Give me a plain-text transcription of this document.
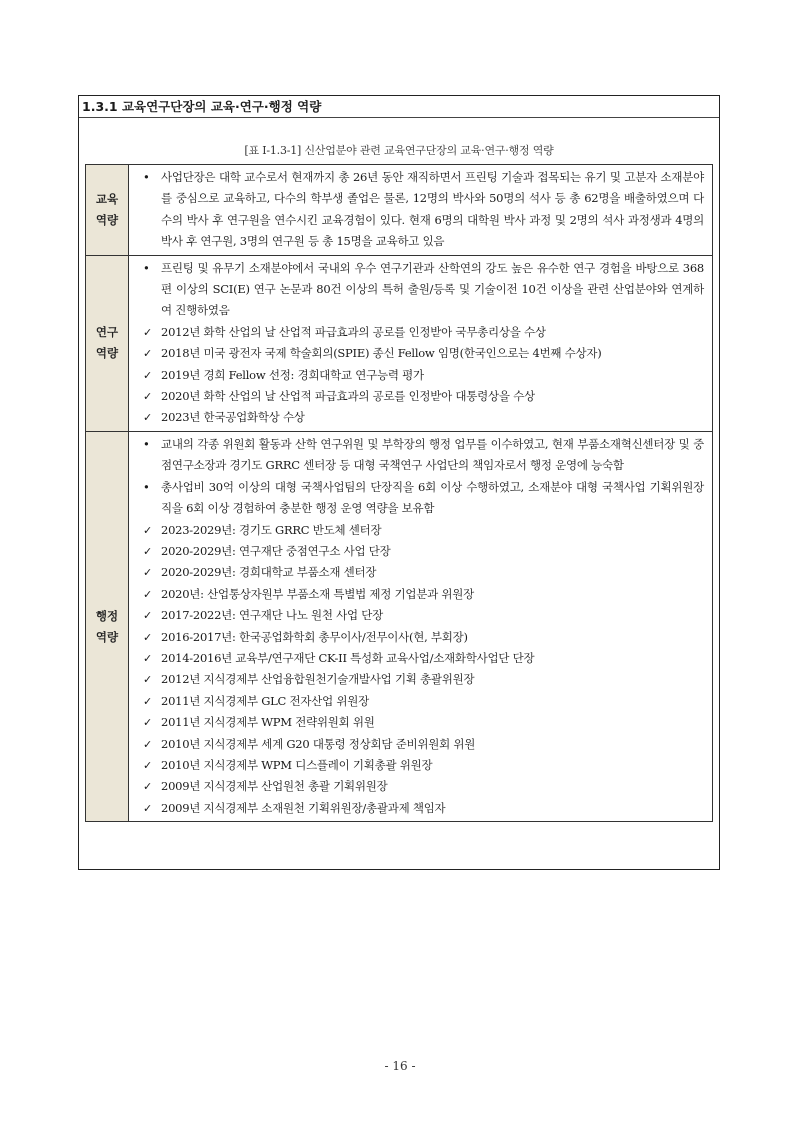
1.3.1 교육연구단장의 교육·연구·행정 역량
[표 I-1.3-1] 신산업분야 관련 교육연구단장의 교육·연구·행정 역량
교육
역량
• 사업단장은 대학 교수로서 현재까지 총 26년 동안 재직하면서 프린팅 기술과 접목되는 유기 및 고분자 소재분야를 중심으로 교육하고, 다수의 학부생 졸업은 물론, 12명의 박사와 50명의 석사 등 총 62명을 배출하였으며 다수의 박사 후 연구원을 연수시킨 교육경험이 있다. 현재 6명의 대학원 박사 과정 및 2명의 석사 과정생과 4명의 박사 후 연구원, 3명의 연구원 등 총 15명을 교육하고 있음
연구
역량
• 프린팅 및 유무기 소재분야에서 국내외 우수 연구기관과 산학연의 강도 높은 유수한 연구 경험을 바탕으로 368편 이상의 SCI(E) 연구 논문과 80건 이상의 특허 출원/등록 및 기술이전 10건 이상을 관련 산업분야와 연계하여 진행하였음
✓ 2012년 화학 산업의 날 산업적 파급효과의 공로를 인정받아 국무총리상을 수상
✓ 2018년 미국 광전자 국제 학술회의(SPIE) 종신 Fellow 임명(한국인으로는 4번째 수상자)
✓ 2019년 경희 Fellow 선정: 경희대학교 연구능력 평가
✓ 2020년 화학 산업의 날 산업적 파급효과의 공로를 인정받아 대통령상을 수상
✓ 2023년 한국공업화학상 수상
행정
역량
• 교내의 각종 위원회 활동과 산학 연구위원 및 부학장의 행정 업무를 이수하였고, 현재 부품소재혁신센터장 및 중점연구소장과 경기도 GRRC 센터장 등 대형 국책연구 사업단의 책임자로서 행정 운영에 능숙함
• 총사업비 30억 이상의 대형 국책사업팀의 단장직을 6회 이상 수행하였고, 소재분야 대형 국책사업 기획위원장직을 6회 이상 경험하여 충분한 행정 운영 역량을 보유함
✓ 2023-2029년: 경기도 GRRC 반도체 센터장
✓ 2020-2029년: 연구재단 중점연구소 사업 단장
✓ 2020-2029년: 경희대학교 부품소재 센터장
✓ 2020년: 산업통상자원부 부품소재 특별법 제정 기업분과 위원장
✓ 2017-2022년: 연구재단 나노 원천 사업 단장
✓ 2016-2017년: 한국공업화학회 총무이사/전무이사(현, 부회장)
✓ 2014-2016년 교육부/연구재단 CK-II 특성화 교육사업/소재화학사업단 단장
✓ 2012년 지식경제부 산업융합원천기술개발사업 기획 총괄위원장
✓ 2011년 지식경제부 GLC 전자산업 위원장
✓ 2011년 지식경제부 WPM 전략위원회 위원
✓ 2010년 지식경제부 세계 G20 대통령 정상회담 준비위원회 위원
✓ 2010년 지식경제부 WPM 디스플레이 기획총괄 위원장
✓ 2009년 지식경제부 산업원천 총괄 기획위원장
✓ 2009년 지식경제부 소재원천 기획위원장/총괄과제 책임자
- 16 -
